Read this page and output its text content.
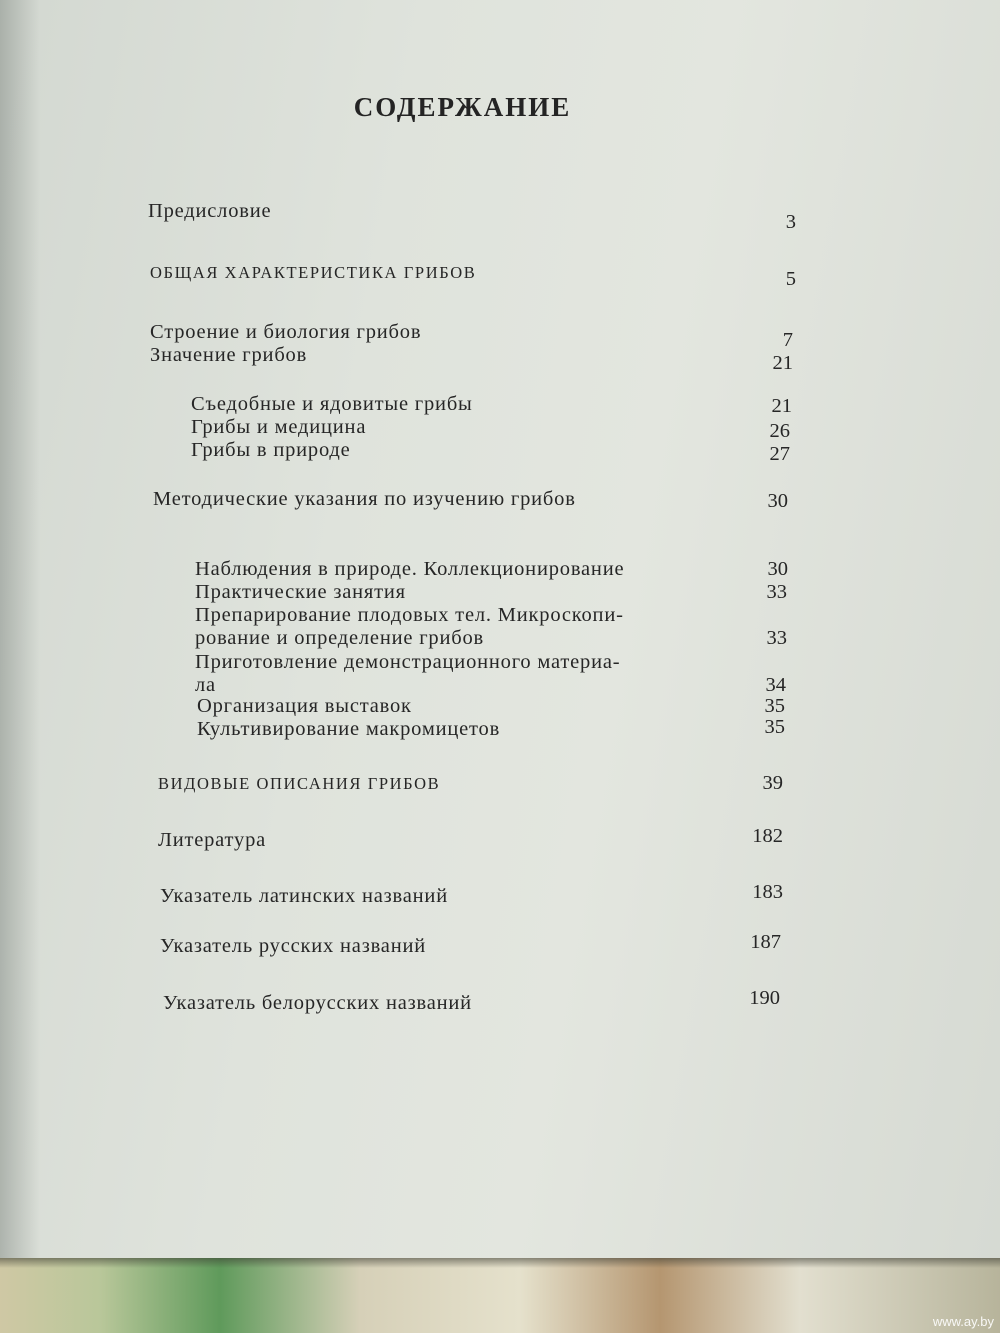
СОДЕРЖАНИЕ
Предисловие	3
ОБЩАЯ ХАРАКТЕРИСТИКА ГРИБОВ	5
Строение и биология грибов	7
Значение грибов	21
Съедобные и ядовитые грибы	21
Грибы и медицина	26
Грибы в природе	27
Методические указания по изучению грибов	30
Наблюдения в природе. Коллекционирование	30
Практические занятия	33
Препарирование плодовых тел. Микроскопи-
рование и определение грибов	33
Приготовление демонстрационного материа-
ла	34
Организация выставок	35
Культивирование макромицетов	35
ВИДОВЫЕ ОПИСАНИЯ ГРИБОВ	39
Литература	182
Указатель латинских названий	183
Указатель русских названий	187
Указатель белорусских названий	190
www.ay.by
